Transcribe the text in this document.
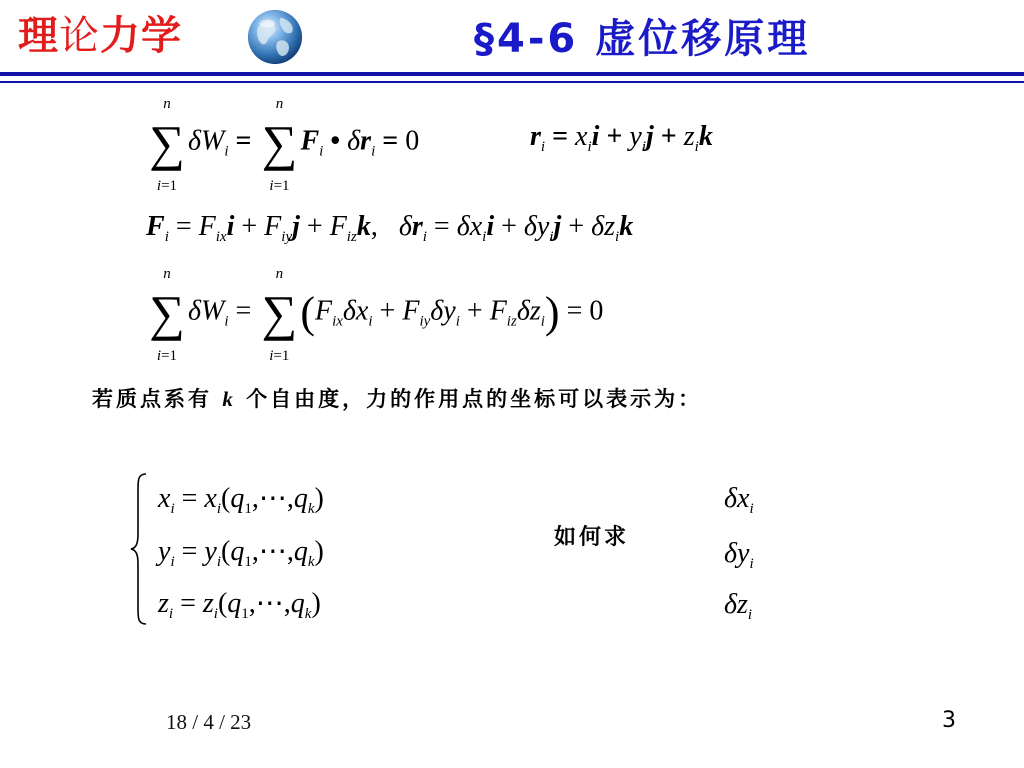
理论力学	§4-6 虚位移原理
n
∑
i=1
$\delta W_i$ =
n
∑
i=1
$F_i$ • $\delta r_i = 0$	$r_i = x_ii + y_ij + z_ik$
$F_i = F_{ix}i + F_{iy}j + F_{iz}k$,   $\delta r_i = \delta x_ii + \delta y_ij + \delta z_ik$
n
∑
i=1
$\delta W_i$ =
n
∑
i=1
$(F_{ix}\delta x_i + F_{iy}\delta y_i + F_{iz}\delta z_i) = 0$
若质点系有 k 个自由度，力的作用点的坐标可以表示为：
$x_i$ = $x_i(q_1,\cdots,q_k)$
$y_i$ = $y_i(q_1,\cdots,q_k)$
$z_i$ = $z_i(q_1,\cdots,q_k)$
如何求
$\delta x_i$
$\delta y_i$
$\delta z_i$
18 / 4 / 23	3
